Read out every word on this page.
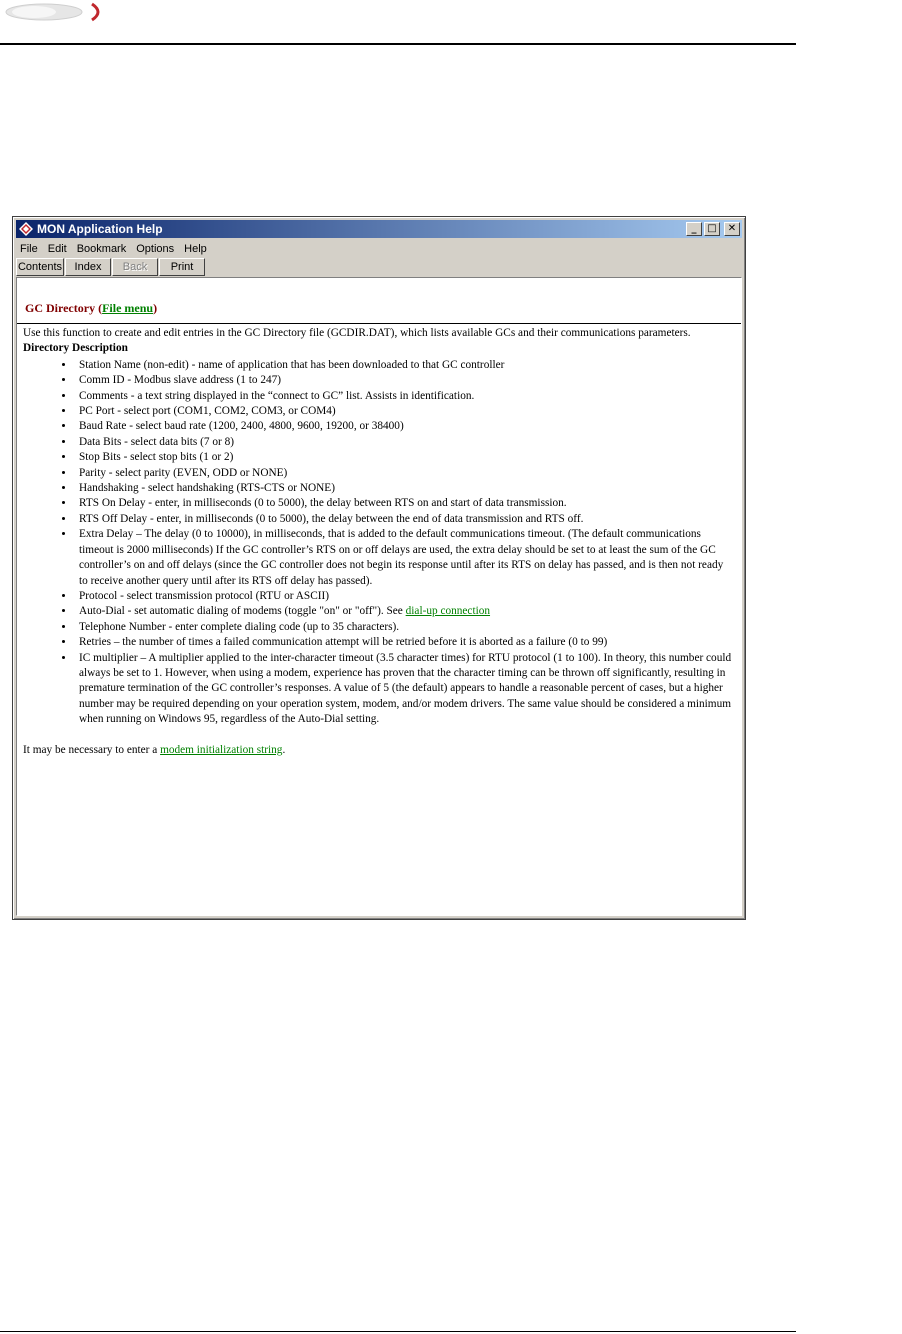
MON Application Help	_	□	✕
File Edit Bookmark Options Help
Contents Index Back Print
GC Directory (File menu)

Use this function to create and edit entries in the GC Directory file (GCDIR.DAT), which lists available GCs and their communications parameters.

Directory Description

• Station Name (non-edit) - name of application that has been downloaded to that GC controller
• Comm ID - Modbus slave address (1 to 247)
• Comments - a text string displayed in the “connect to GC” list. Assists in identification.
• PC Port - select port (COM1, COM2, COM3, or COM4)
• Baud Rate - select baud rate (1200, 2400, 4800, 9600, 19200, or 38400)
• Data Bits - select data bits (7 or 8)
• Stop Bits - select stop bits (1 or 2)
• Parity - select parity (EVEN, ODD or NONE)
• Handshaking - select handshaking (RTS-CTS or NONE)
• RTS On Delay - enter, in milliseconds (0 to 5000), the delay between RTS on and start of data transmission.
• RTS Off Delay - enter, in milliseconds (0 to 5000), the delay between the end of data transmission and RTS off.
• Extra Delay – The delay (0 to 10000), in milliseconds, that is added to the default communications timeout. (The default communications timeout is 2000 milliseconds) If the GC controller’s RTS on or off delays are used, the extra delay should be set to at least the sum of the GC controller’s on and off delays (since the GC controller does not begin its response until after its RTS on delay has passed, and is then not ready to receive another query until after its RTS off delay has passed).
• Protocol - select transmission protocol (RTU or ASCII)
• Auto-Dial - set automatic dialing of modems (toggle "on" or "off"). See dial-up connection
• Telephone Number - enter complete dialing code (up to 35 characters).
• Retries – the number of times a failed communication attempt will be retried before it is aborted as a failure (0 to 99)
• IC multiplier – A multiplier applied to the inter-character timeout (3.5 character times) for RTU protocol (1 to 100). In theory, this number could always be set to 1. However, when using a modem, experience has proven that the character timing can be thrown off significantly, resulting in premature termination of the GC controller’s responses. A value of 5 (the default) appears to handle a reasonable percent of cases, but a higher number may be required depending on your operation system, modem, and/or modem drivers. The same value should be considered a minimum when running on Windows 95, regardless of the Auto-Dial setting.

It may be necessary to enter a modem initialization string.
